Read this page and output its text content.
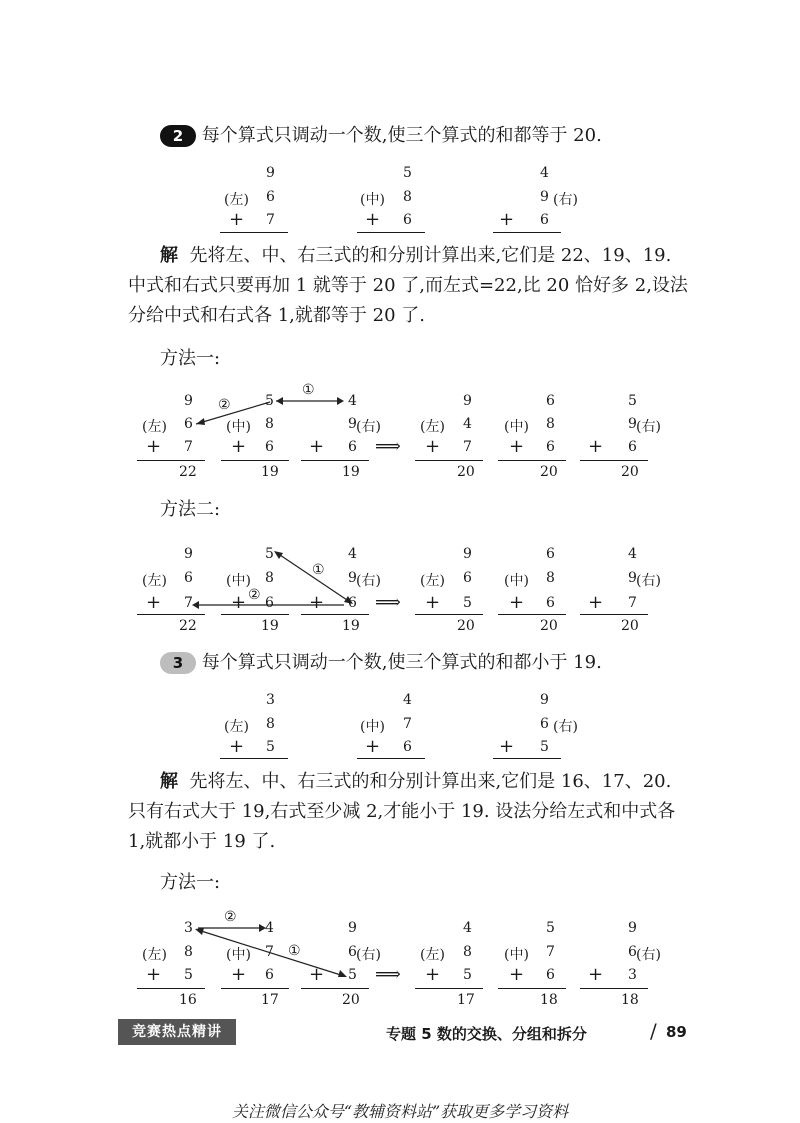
2 每个算式只调动一个数,使三个算式的和都等于 20.
9
(左) 6
+ 7
5
(中) 8
+ 6
4
9 (右)
+ 6
解 先将左、中、右三式的和分别计算出来,它们是 22、19、19. 中式和右式只要再加 1 就等于 20 了,而左式=22,比 20 恰好多 2,设法分给中式和右式各 1,就都等于 20 了.
方法一:
①
②
9
(左) 6
+ 7
22
5
(中) 8
+ 6
19
4
9 (右)
+ 6
19
⟹
9
(左) 4
+ 7
20
6
(中) 8
+ 6
20
5
9 (右)
+ 6
20
方法二:
①
②
9
(左) 6
+ 7
22
5
(中) 8
+ 6
19
4
9 (右)
+ 6
19
⟹
9
(左) 6
+ 5
20
6
(中) 8
+ 6
20
4
9 (右)
+ 7
20
3 每个算式只调动一个数,使三个算式的和都小于 19.
3
(左) 8
+ 5
4
(中) 7
+ 6
9
6 (右)
+ 5
解 先将左、中、右三式的和分别计算出来,它们是 16、17、20. 只有右式大于 19,右式至少减 2,才能小于 19. 设法分给左式和中式各 1,就都小于 19 了.
方法一:
②
①
3
(左) 8
+ 5
16
4
(中) 7
+ 6
17
9
6 (右)
+ 5
20
⟹
4
(左) 8
+ 5
17
5
(中) 7
+ 6
18
9
6 (右)
+ 3
18
竞赛热点精讲	专题 5 数的交换、分组和拆分	/ 89
关注微信公众号“教辅资料站”获取更多学习资料
